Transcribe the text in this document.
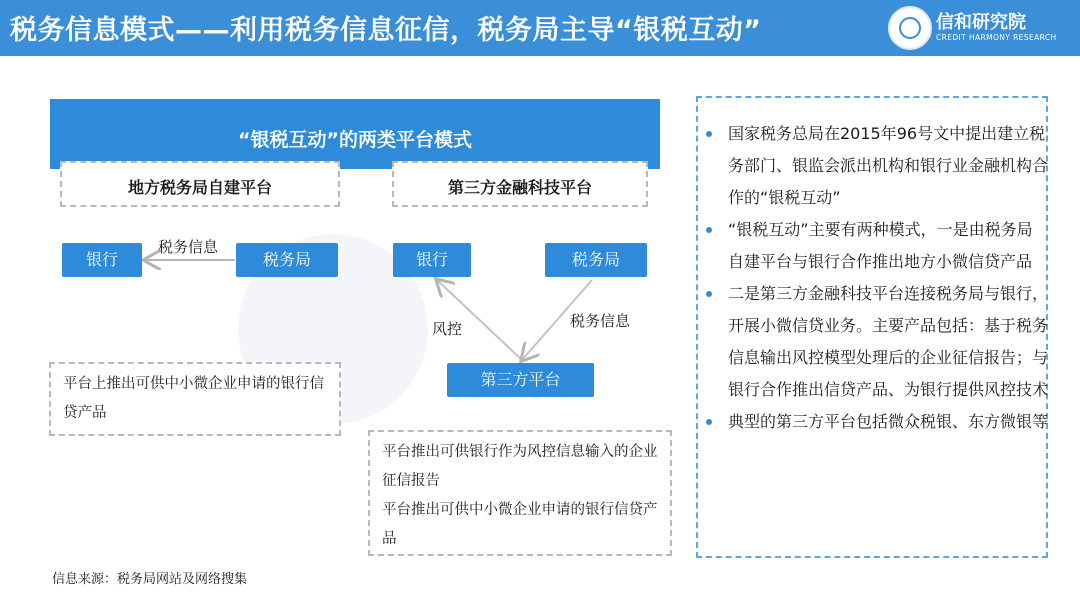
税务信息模式——利用税务信息征信，税务局主导“银税互动”	信和研究院
CREDIT HARMONY RESEARCH
“银税互动”的两类平台模式
地方税务局自建平台	第三方金融科技平台
银行	税务局
税务信息
平台上推出可供中小微企业申请的银行信贷产品
银行	税务局
第三方平台
风控	税务信息
平台推出可供银行作为风控信息输入的企业征信报告
平台推出可供中小微企业申请的银行信贷产品
国家税务总局在2015年96号文中提出建立税务部门、银监会派出机构和银行业金融机构合作的“银税互动”
“银税互动”主要有两种模式，一是由税务局自建平台与银行合作推出地方小微信贷产品
二是第三方金融科技平台连接税务局与银行，开展小微信贷业务。主要产品包括：基于税务信息输出风控模型处理后的企业征信报告；与银行合作推出信贷产品、为银行提供风控技术
典型的第三方平台包括微众税银、东方微银等
信息来源：税务局网站及网络搜集
